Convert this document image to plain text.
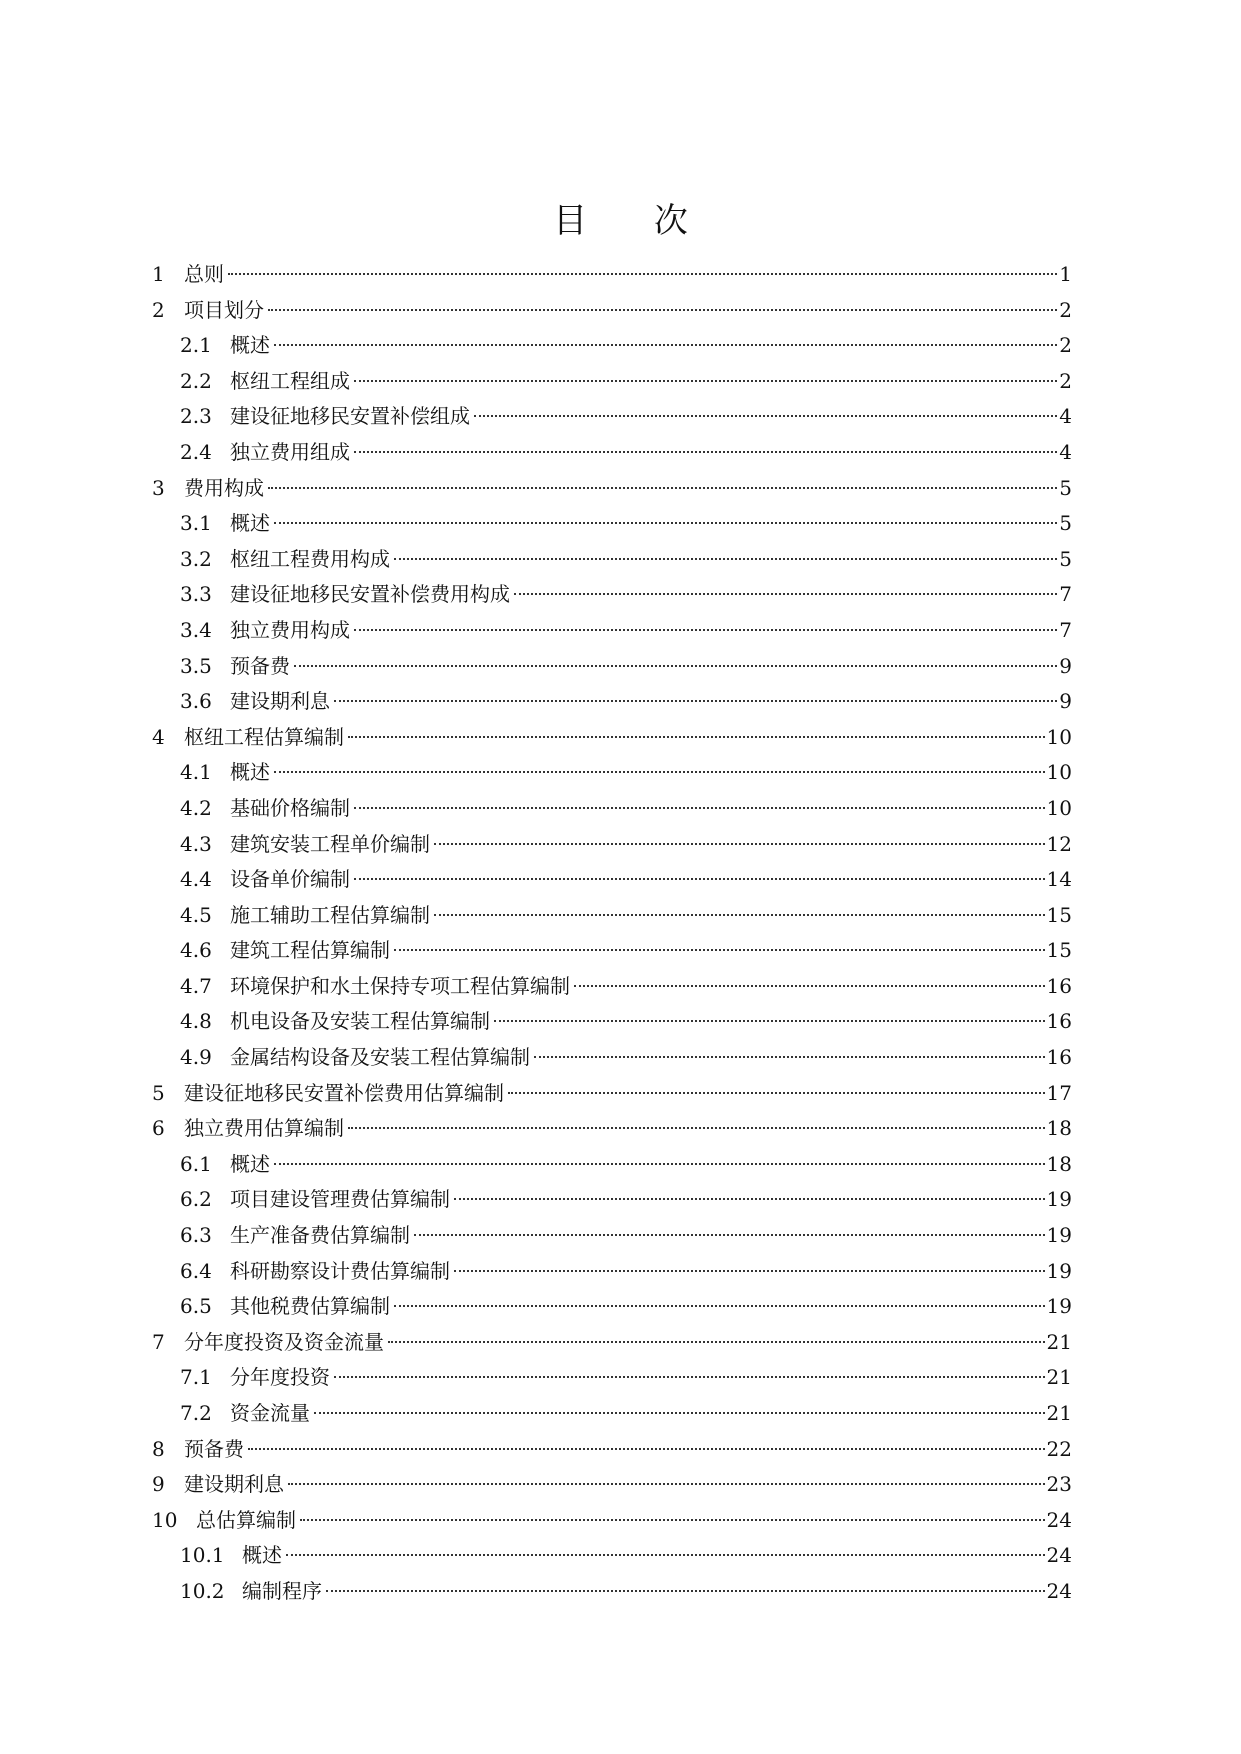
目 次
1 总则	1
2 项目划分	2
2.1 概述	2
2.2 枢纽工程组成	2
2.3 建设征地移民安置补偿组成	4
2.4 独立费用组成	4
3 费用构成	5
3.1 概述	5
3.2 枢纽工程费用构成	5
3.3 建设征地移民安置补偿费用构成	7
3.4 独立费用构成	7
3.5 预备费	9
3.6 建设期利息	9
4 枢纽工程估算编制	10
4.1 概述	10
4.2 基础价格编制	10
4.3 建筑安装工程单价编制	12
4.4 设备单价编制	14
4.5 施工辅助工程估算编制	15
4.6 建筑工程估算编制	15
4.7 环境保护和水土保持专项工程估算编制	16
4.8 机电设备及安装工程估算编制	16
4.9 金属结构设备及安装工程估算编制	16
5 建设征地移民安置补偿费用估算编制	17
6 独立费用估算编制	18
6.1 概述	18
6.2 项目建设管理费估算编制	19
6.3 生产准备费估算编制	19
6.4 科研勘察设计费估算编制	19
6.5 其他税费估算编制	19
7 分年度投资及资金流量	21
7.1 分年度投资	21
7.2 资金流量	21
8 预备费	22
9 建设期利息	23
10 总估算编制	24
10.1 概述	24
10.2 编制程序	24
